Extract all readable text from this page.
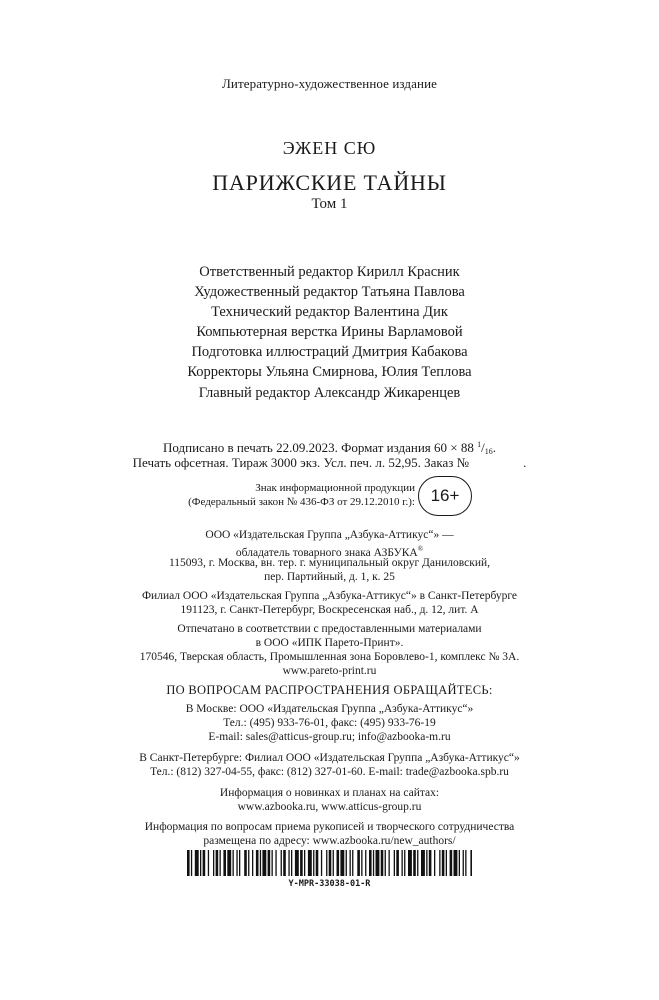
Литературно-художественное издание
ЭЖЕН СЮ
ПАРИЖСКИЕ ТАЙНЫ
Том 1
Ответственный редактор Кирилл Красник
Художественный редактор Татьяна Павлова
Технический редактор Валентина Дик
Компьютерная верстка Ирины Варламовой
Подготовка иллюстраций Дмитрия Кабакова
Корректоры Ульяна Смирнова, Юлия Теплова
Главный редактор Александр Жикаренцев
Подписано в печать 22.09.2023. Формат издания 60 × 88 $^1/_{16}$.
Печать офсетная. Тираж 3000 экз. Усл. печ. л. 52,95. Заказ №	.
Знак информационной продукции
(Федеральный закон № 436-ФЗ от 29.12.2010 г.): 16+
ООО «Издательская Группа „Азбука-Аттикус“» —
обладатель товарного знака АЗБУКА®
115093, г. Москва, вн. тер. г. муниципальный округ Даниловский,
пер. Партийный, д. 1, к. 25
Филиал ООО «Издательская Группа „Азбука-Аттикус“» в Санкт-Петербурге
191123, г. Санкт-Петербург, Воскресенская наб., д. 12, лит. А
Отпечатано в соответствии с предоставленными материалами
в ООО «ИПК Парето-Принт».
170546, Тверская область, Промышленная зона Боровлево-1, комплекс № 3А.
www.pareto-print.ru
ПО ВОПРОСАМ РАСПРОСТРАНЕНИЯ ОБРАЩАЙТЕСЬ:
В Москве: ООО «Издательская Группа „Азбука-Аттикус“»
Тел.: (495) 933-76-01, факс: (495) 933-76-19
E-mail: sales@atticus-group.ru; info@azbooka-m.ru
В Санкт-Петербурге: Филиал ООО «Издательская Группа „Азбука-Аттикус“»
Тел.: (812) 327-04-55, факс: (812) 327-01-60. E-mail: trade@azbooka.spb.ru
Информация о новинках и планах на сайтах:
www.azbooka.ru, www.atticus-group.ru
Информация по вопросам приема рукописей и творческого сотрудничества
размещена по адресу: www.azbooka.ru/new_authors/
Y-MPR-33038-01-R
